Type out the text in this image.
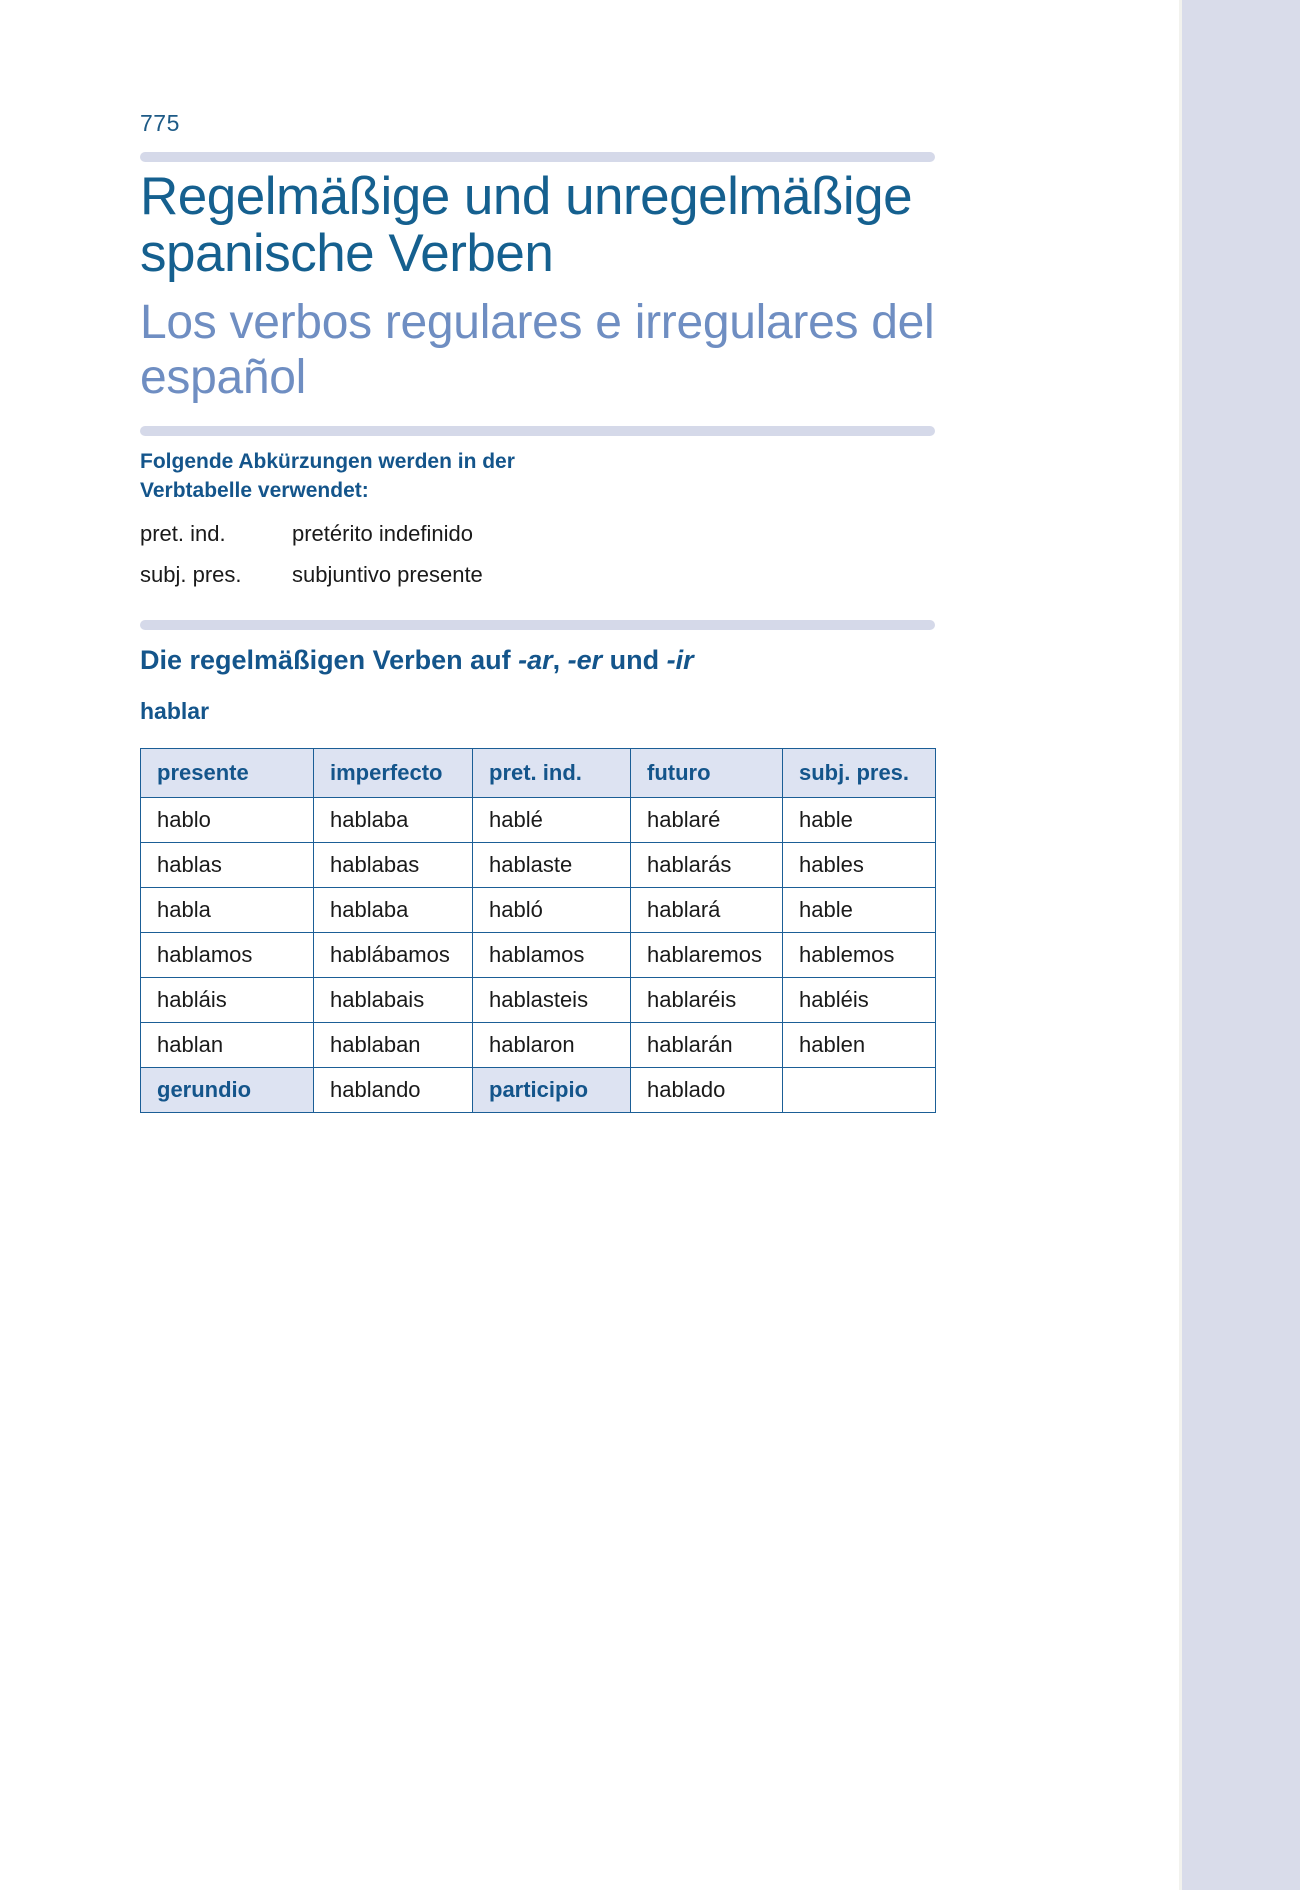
775
Regelmäßige und unregelmäßige spanische Verben
Los verbos regulares e irregulares del español
Folgende Abkürzungen werden in der Verbtabelle verwendet:
pret. ind.	pretérito indefinido
subj. pres.	subjuntivo presente
Die regelmäßigen Verben auf -ar, -er und -ir
hablar
presente	imperfecto	pret. ind.	futuro	subj. pres.
hablo	hablaba	hablé	hablaré	hable
hablas	hablabas	hablaste	hablarás	hables
habla	hablaba	habló	hablará	hable
hablamos	hablábamos	hablamos	hablaremos	hablemos
habláis	hablabais	hablasteis	hablaréis	habléis
hablan	hablaban	hablaron	hablarán	hablen
gerundio	hablando	participio	hablado	
